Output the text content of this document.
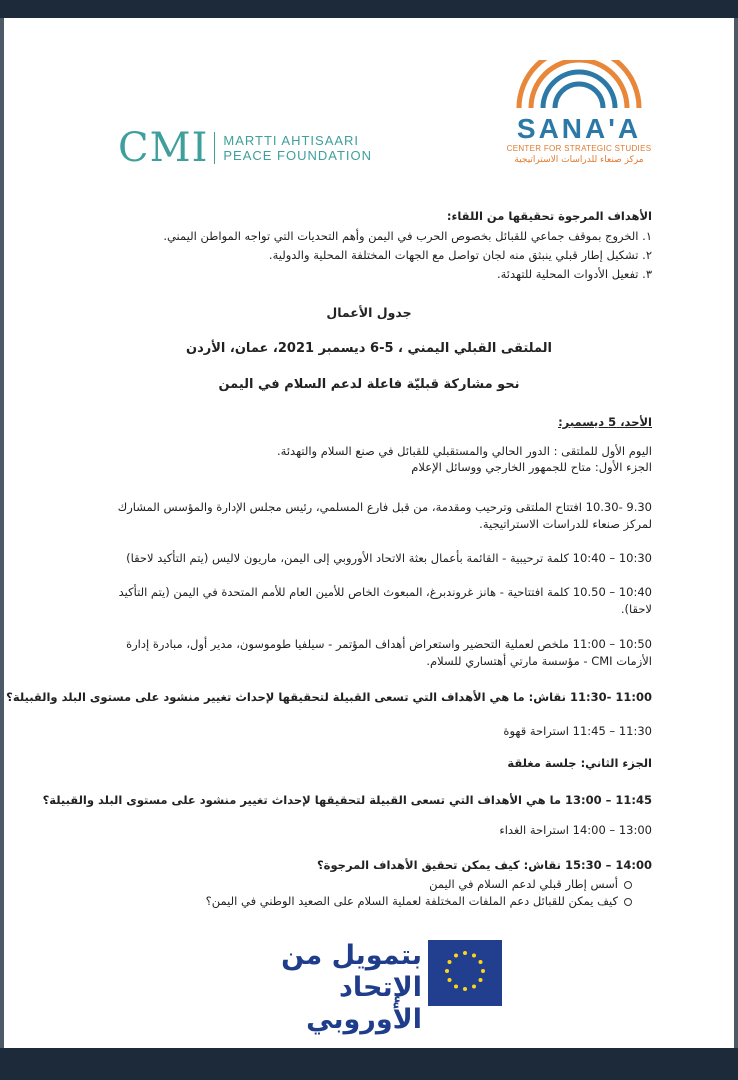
CMI MARTTI AHTISAARI
PEACE FOUNDATION
SANA'A
CENTER FOR STRATEGIC STUDIES
مركز صنعاء للدراسات الاستراتيجية
الأهداف المرجوة تحقيقها من اللقاء:
١. الخروج بموقف جماعي للقبائل بخصوص الحرب في اليمن وأهم التحديات التي تواجه المواطن اليمني.
٢. تشكيل إطار قبلي ينبثق منه لجان تواصل مع الجهات المختلفة المحلية والدولية.
٣. تفعيل الأدوات المحلية للتهدئة.
جدول الأعمال
الملتقى القبلي اليمني ، 5-6 ديسمبر 2021، عمان، الأردن
نحو مشاركة قبليّة فاعلة لدعم السلام في اليمن
الأحد، 5 ديسمبر:
اليوم الأول للملتقى : الدور الحالي والمستقبلي للقبائل في صنع السلام والتهدئة.
الجزء الأول: متاح للجمهور الخارجي ووسائل الإعلام
9.30 -10.30 افتتاح الملتقى وترحيب ومقدمة، من قبل فارع المسلمي، رئيس مجلس الإدارة والمؤسس المشارك
لمركز صنعاء للدراسات الاستراتيجية.
10:30 – 10:40 كلمة ترحيبية - القائمة بأعمال بعثة الاتحاد الأوروبي إلى اليمن، ماريون لاليس (يتم التأكيد لاحقا)
10:40 – 10.50 كلمة افتتاحية - هانز غروندبرغ، المبعوث الخاص للأمين العام للأمم المتحدة في اليمن (يتم التأكيد
لاحقا).
10:50 – 11:00 ملخص لعملية التحضير واستعراض أهداف المؤتمر - سيلفيا طوموسون، مدير أول، مبادرة إدارة
الأزمات CMI - مؤسسة مارتي أهتساري للسلام.
11:00 -11:30 نقاش: ما هي الأهداف التي تسعى القبيلة لتحقيقها لإحداث تغيير منشود على مستوى البلد والقبيلة؟
11:30 – 11:45 استراحة قهوة
الجزء الثاني: جلسة مغلقة
11:45 – 13:00 ما هي الأهداف التي تسعى القبيلة لتحقيقها لإحداث تغيير منشود على مستوى البلد والقبيلة؟
13:00 – 14:00 استراحة الغداء
14:00 – 15:30 نقاش: كيف يمكن تحقيق الأهداف المرجوة؟
أسس إطار قبلي لدعم السلام في اليمن
كيف يمكن للقبائل دعم الملفات المختلفة لعملية السلام على الصعيد الوطني في اليمن؟
بتمويل من
الإتحاد الأوروبي
